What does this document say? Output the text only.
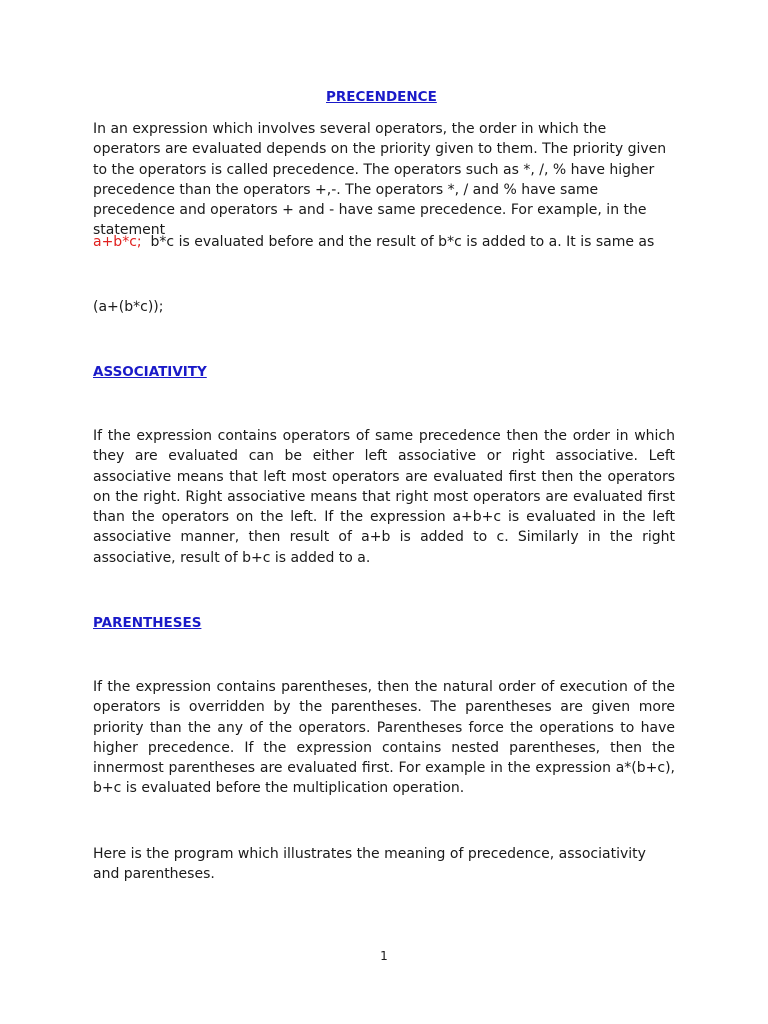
PRECENDENCE
In an expression which involves several operators, the order in which the operators are evaluated depends on the priority given to them. The priority given to the operators is called precedence. The operators such as *, /, % have higher precedence than the operators +,-. The operators *, / and % have same precedence and operators + and - have same precedence. For example, in the statement
a+b*c; b*c is evaluated before and the result of b*c is added to a. It is same as
(a+(b*c));
ASSOCIATIVITY
If the expression contains operators of same precedence then the order in which they are evaluated can be either left associative or right associative. Left associative means that left most operators are evaluated first then the operators on the right. Right associative means that right most operators are evaluated first than the operators on the left. If the expression a+b+c is evaluated in the left associative manner, then result of a+b is added to c. Similarly in the right associative, result of b+c is added to a.
PARENTHESES
If the expression contains parentheses, then the natural order of execution of the operators is overridden by the parentheses. The parentheses are given more priority than the any of the operators. Parentheses force the operations to have higher precedence. If the expression contains nested parentheses, then the innermost parentheses are evaluated first. For example in the expression a*(b+c), b+c is evaluated before the multiplication operation.
Here is the program which illustrates the meaning of precedence, associativity and parentheses.
1
